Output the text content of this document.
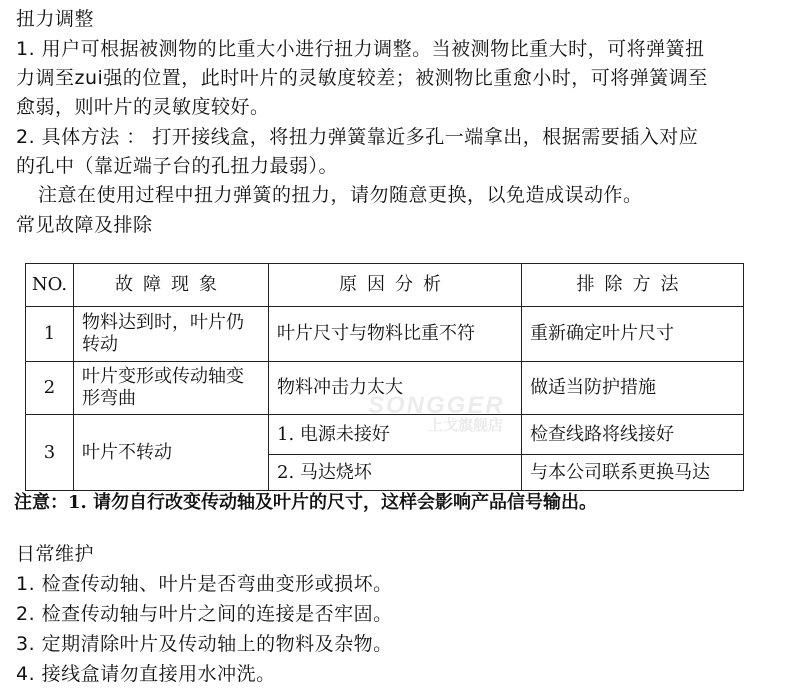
扭力调整
1. 用户可根据被测物的比重大小进行扭力调整。当被测物比重大时，可将弹簧扭
力调至zui强的位置，此时叶片的灵敏度较差；被测物比重愈小时，可将弹簧调至
愈弱，则叶片的灵敏度较好。
2. 具体方法 ： 打开接线盒，将扭力弹簧靠近多孔一端拿出，根据需要插入对应
的孔中（靠近端子台的孔扭力最弱）。
注意在使用过程中扭力弹簧的扭力，请勿随意更换，以免造成误动作。
常见故障及排除
NO.	故障现象	原因分析	排除方法
1	物料达到时，叶片仍转动	叶片尺寸与物料比重不符	重新确定叶片尺寸
2	叶片变形或传动轴变形弯曲	物料冲击力太大	做适当防护措施
3	叶片不转动	1. 电源未接好	检查线路将线接好
		2. 马达烧坏	与本公司联系更换马达
SONGGER
上戈旗舰店
注意：1. 请勿自行改变传动轴及叶片的尺寸，这样会影响产品信号输出。
日常维护
1. 检查传动轴、叶片是否弯曲变形或损坏。
2. 检查传动轴与叶片之间的连接是否牢固。
3. 定期清除叶片及传动轴上的物料及杂物。
4. 接线盒请勿直接用水冲洗。
